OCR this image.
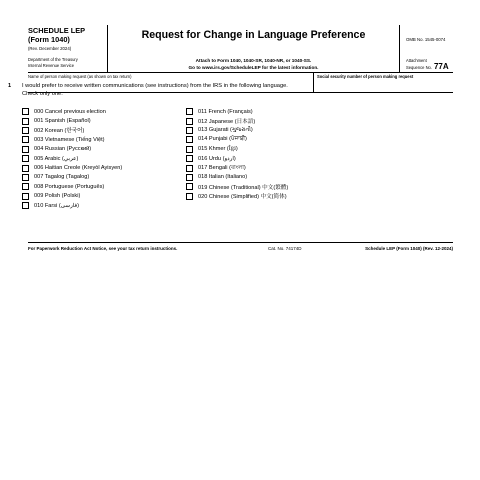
SCHEDULE LEP
(Form 1040)
(Rev. December 2024)
Department of the Treasury
Internal Revenue Service
Request for Change in Language Preference
Attach to Form 1040, 1040-SR, 1040-NR, or 1040-SS.
Go to www.irs.gov/ScheduleLEP for the latest information.
OMB No. 1545-0074
Attachment
Sequence No. 77A
Name of person making request (as shown on tax return)	Social security number of person making request
1 I would prefer to receive written communications (see instructions) from the IRS in the following language.
Check only one.
000 Cancel previous election
001 Spanish (Español)
002 Korean (한국어)
003 Vietnamese (Tiếng Việt)
004 Russian (Русский)
005 Arabic (عربي)
006 Haitian Creole (Kreyòl Ayisyen)
007 Tagalog (Tagalog)
008 Portuguese (Português)
009 Polish (Polski)
010 Farsi (فارسی)
011 French (Français)
012 Japanese (日本語)
013 Gujarati (ગુજરાતી)
014 Punjabi (ਪੰਜਾਬੀ)
015 Khmer (ខ្មែរ)
016 Urdu (اردو)
017 Bengali (বাংলা)
018 Italian (Italiano)
019 Chinese (Traditional) 中文(繁體)
020 Chinese (Simplified) 中文(简体)
For Paperwork Reduction Act Notice, see your tax return instructions.	Cat. No. 74174D	Schedule LEP (Form 1040) (Rev. 12-2024)
